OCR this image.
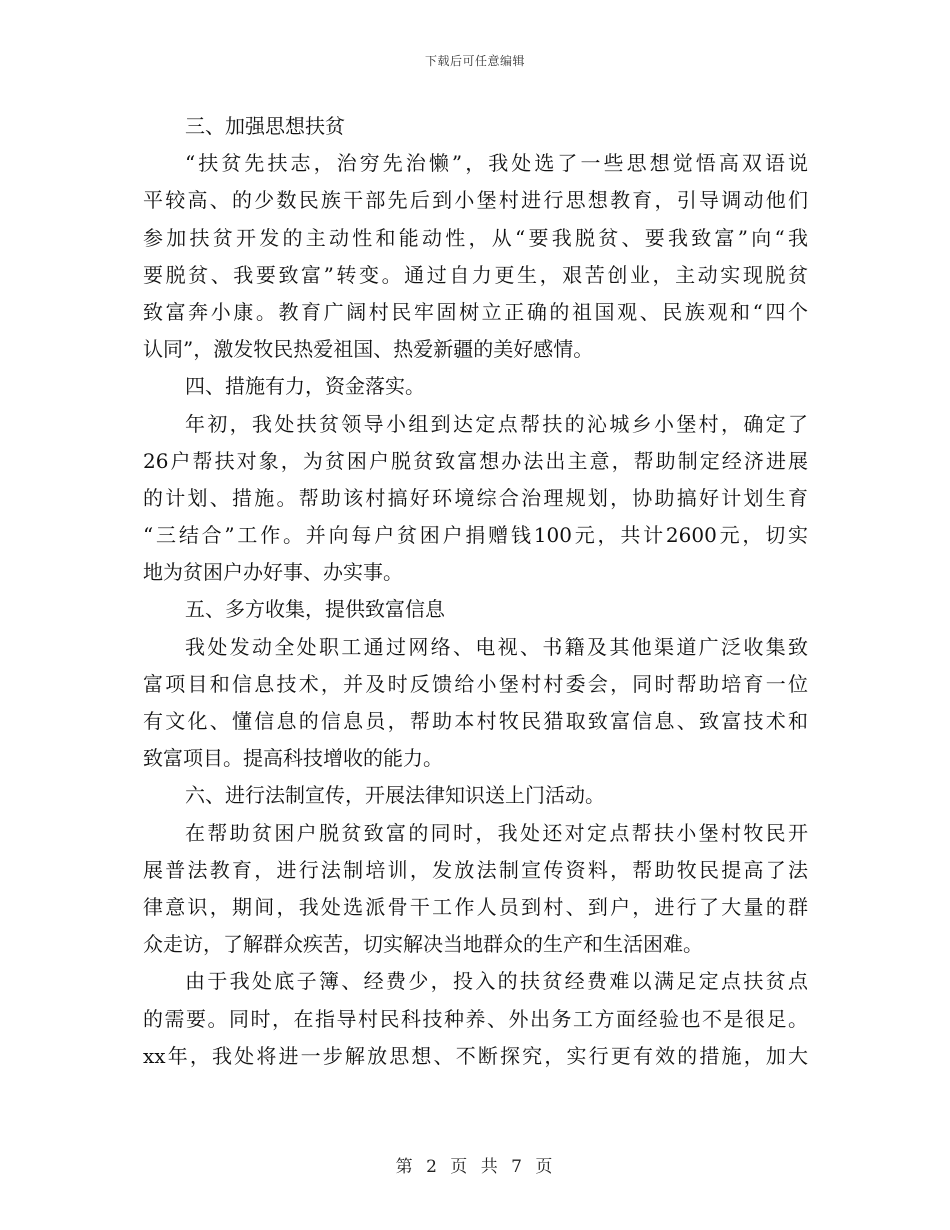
下载后可任意编辑
三、加强思想扶贫
“扶贫先扶志，治穷先治懒”，我处选了一些思想觉悟高双语说
平较高、的少数民族干部先后到小堡村进行思想教育，引导调动他们
参加扶贫开发的主动性和能动性，从“要我脱贫、要我致富”向“我
要脱贫、我要致富”转变。通过自力更生，艰苦创业，主动实现脱贫
致富奔小康。教育广阔村民牢固树立正确的祖国观、民族观和“四个
认同”，激发牧民热爱祖国、热爱新疆的美好感情。
四、措施有力，资金落实。
年初，我处扶贫领导小组到达定点帮扶的沁城乡小堡村，确定了
26户帮扶对象，为贫困户脱贫致富想办法出主意，帮助制定经济进展
的计划、措施。帮助该村搞好环境综合治理规划，协助搞好计划生育
“三结合”工作。并向每户贫困户捐赠钱100元，共计2600元，切实
地为贫困户办好事、办实事。
五、多方收集，提供致富信息
我处发动全处职工通过网络、电视、书籍及其他渠道广泛收集致
富项目和信息技术，并及时反馈给小堡村村委会，同时帮助培育一位
有文化、懂信息的信息员，帮助本村牧民猎取致富信息、致富技术和
致富项目。提高科技增收的能力。
六、进行法制宣传，开展法律知识送上门活动。
在帮助贫困户脱贫致富的同时，我处还对定点帮扶小堡村牧民开
展普法教育，进行法制培训，发放法制宣传资料，帮助牧民提高了法
律意识，期间，我处选派骨干工作人员到村、到户，进行了大量的群
众走访，了解群众疾苦，切实解决当地群众的生产和生活困难。
由于我处底子簿、经费少，投入的扶贫经费难以满足定点扶贫点
的需要。同时，在指导村民科技种养、外出务工方面经验也不是很足。
xx年，我处将进一步解放思想、不断探究，实行更有效的措施，加大
第 2 页 共 7 页
